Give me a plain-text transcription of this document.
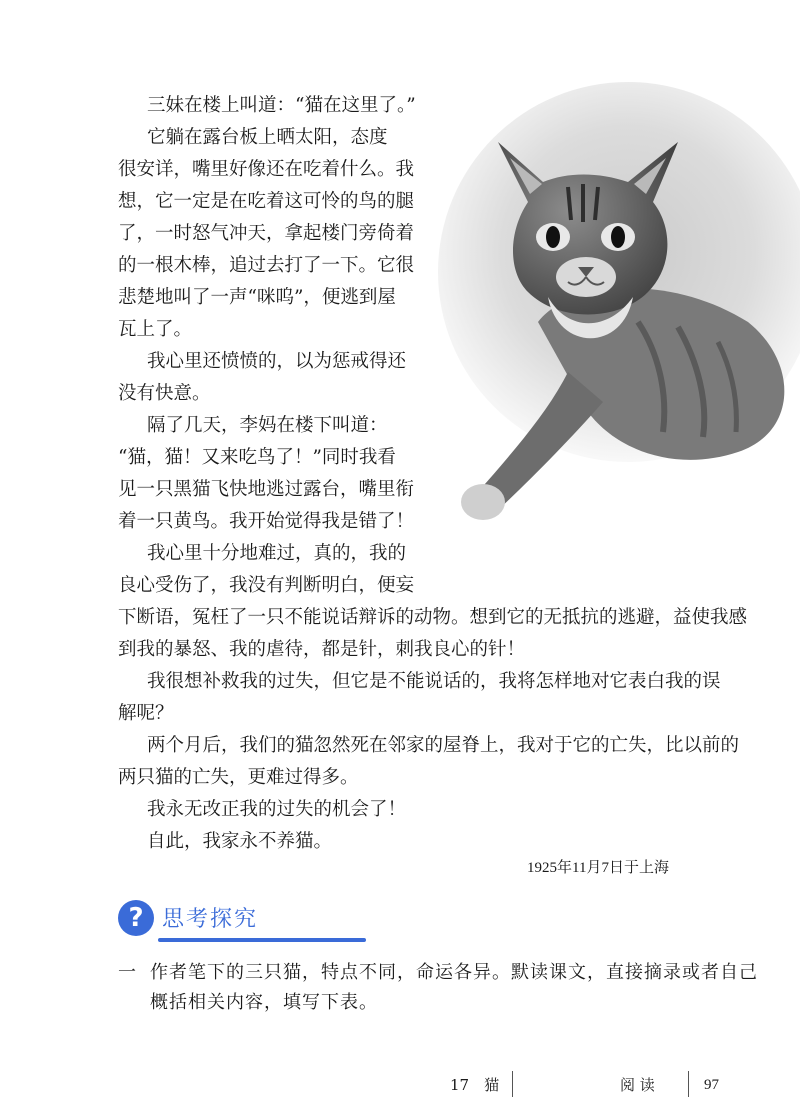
三妹在楼上叫道：“猫在这里了。”

它躺在露台板上晒太阳，态度

很安详，嘴里好像还在吃着什么。我

想，它一定是在吃着这可怜的鸟的腿

了，一时怒气冲天，拿起楼门旁倚着

的一根木棒，追过去打了一下。它很

悲楚地叫了一声“咪呜”，便逃到屋

瓦上了。

我心里还愤愤的，以为惩戒得还

没有快意。

隔了几天，李妈在楼下叫道：

“猫，猫！又来吃鸟了！”同时我看

见一只黑猫飞快地逃过露台，嘴里衔

着一只黄鸟。我开始觉得我是错了！

我心里十分地难过，真的，我的

良心受伤了，我没有判断明白，便妄

下断语，冤枉了一只不能说话辩诉的动物。想到它的无抵抗的逃避，益使我感

到我的暴怒、我的虐待，都是针，刺我良心的针！

我很想补救我的过失，但它是不能说话的，我将怎样地对它表白我的误

解呢？

两个月后，我们的猫忽然死在邻家的屋脊上，我对于它的亡失，比以前的

两只猫的亡失，更难过得多。

我永无改正我的过失的机会了！

自此，我家永不养猫。

1925年11月7日于上海
? 思考探究
一 作者笔下的三只猫，特点不同，命运各异。默读课文，直接摘录或者自己
概括相关内容，填写下表。
17　猫	阅 读	97
